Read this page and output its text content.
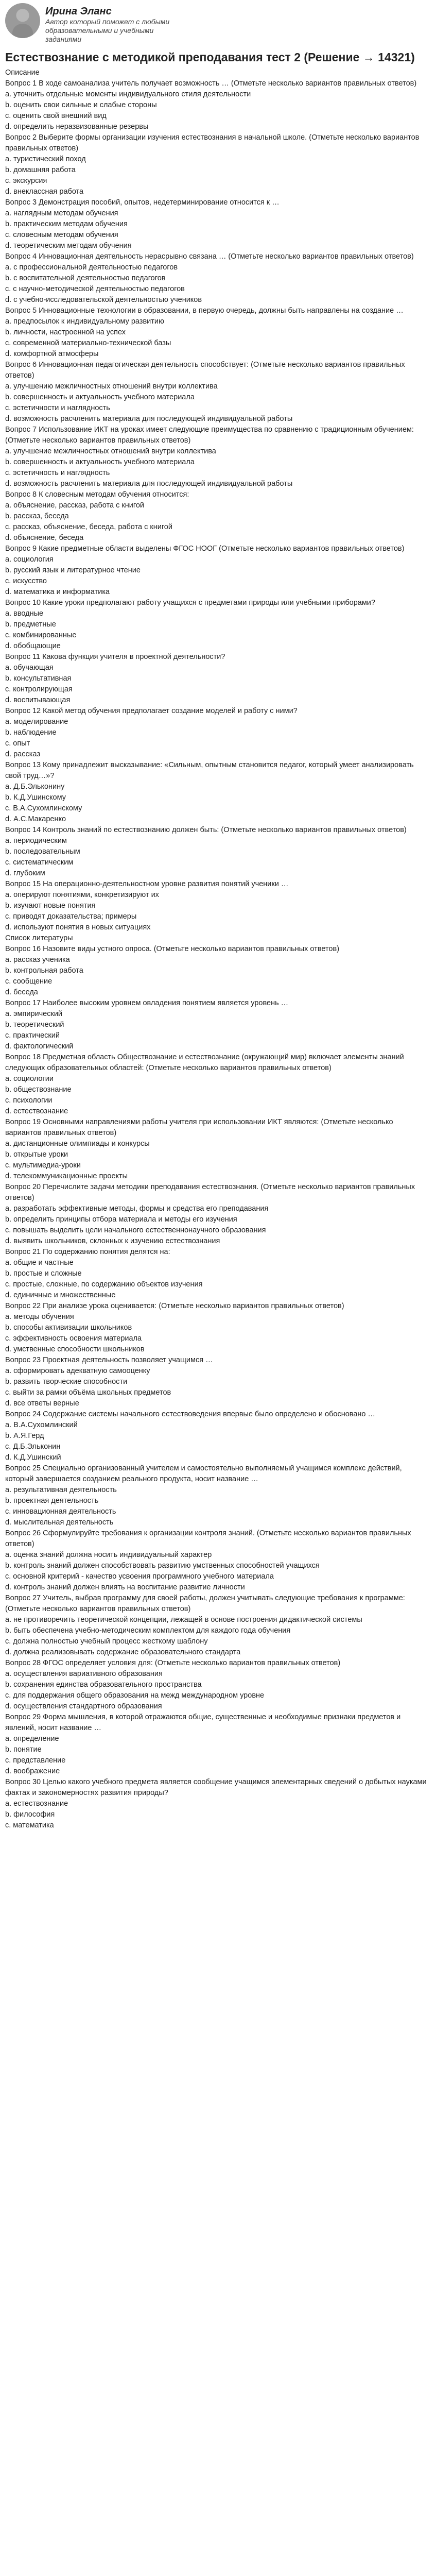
Ирина Эланс
Автор который поможет с любыми образовательными и учебными заданиями
Естествознание с методикой преподавания тест 2 (Решение → 14321)
Описание
Вопрос 1 В ходе самоанализа учитель получает возможность … (Отметьте несколько вариантов правильных ответов)
a. уточнить отдельные моменты индивидуального стиля деятельности
b. оценить свои сильные и слабые стороны
c. оценить свой внешний вид
d. определить неразвизованные резервы
Вопрос 2 Выберите формы организации изучения естествознания в начальной школе. (Отметьте несколько вариантов правильных ответов)
a. туристический поход
b. домашняя работа
c. экскурсия
d. внеклассная работа
Вопрос 3 Демонстрация пособий, опытов, недетерминирование относится к …
a. наглядным методам обучения
b. практическим методам обучения
c. словесным методам обучения
d. теоретическим методам обучения
Вопрос 4 Инновационная деятельность нерасрывно связана … (Отметьте несколько вариантов правильных ответов)
a. с профессиональной деятельностью педагогов
b. с воспитательной деятельностью педагогов
c. с научно-методической деятельностью педагогов
d. с учебно-исследовательской деятельностью учеников
Вопрос 5 Инновационные технологии в образовании, в первую очередь, должны быть направлены на создание …
a. предпосылок к индивидуальному развитию
b. личности, настроенной на успех
c. современной материально-технической базы
d. комфортной атмосферы
Вопрос 6 Инновационная педагогическая деятельность способствует: (Отметьте несколько вариантов правильных ответов)
a. улучшению межличностных отношений внутри коллектива
b. совершенность и актуальность учебного материала
c. эстетичности и наглядность
d. возможность расчленить материала для последующей индивидуальной работы
Вопрос 7 Использование ИКТ на уроках имеет следующие преимущества по сравнению с традиционным обучением: (Отметьте несколько вариантов правильных ответов)
a. улучшение межличностных отношений внутри коллектива
b. совершенность и актуальность учебного материала
c. эстетичность и наглядность
d. возможность расчленить материала для последующей индивидуальной работы
Вопрос 8 К словесным методам обучения относится:
a. объяснение, рассказ, работа с книгой
b. рассказ, беседа
c. рассказ, объяснение, беседа, работа с книгой
d. объяснение, беседа
Вопрос 9 Какие предметные области выделены ФГОС НООГ (Отметьте несколько вариантов правильных ответов)
a. социология
b. русский язык и литературное чтение
c. искусство
d. математика и информатика
Вопрос 10 Какие уроки предполагают работу учащихся с предметами природы или учебными приборами?
a. вводные
b. предметные
c. комбинированные
d. обобщающие
Вопрос 11 Какова функция учителя в проектной деятельности?
a. обучающая
b. консультативная
c. контролирующая
d. воспитывающая
Вопрос 12 Какой метод обучения предполагает создание моделей и работу с ними?
a. моделирование
b. наблюдение
c. опыт
d. рассказ
Вопрос 13 Кому принадлежит высказывание: «Сильным, опытным становится педагог, который умеет анализировать свой труд…»?
a. Д.Б.Эльконину
b. К.Д.Ушинскому
c. В.А.Сухомлинскому
d. А.С.Макаренко
Вопрос 14 Контроль знаний по естествознанию должен быть: (Отметьте несколько вариантов правильных ответов)
a. периодическим
b. последовательным
c. систематическим
d. глубоким
Вопрос 15 На операционно-деятельностном уровне развития понятий ученики …
a. оперируют понятиями, конкретизируют их
b. изучают новые понятия
c. приводят доказательства; примеры
d. используют понятия в новых ситуациях
Список литературы
Вопрос 16 Назовите виды устного опроса. (Отметьте несколько вариантов правильных ответов)
a. рассказ ученика
b. контрольная работа
c. сообщение
d. беседа
Вопрос 17 Наиболее высоким уровнем овладения понятием является уровень …
a. эмпирический
b. теоретический
c. практический
d. фактологический
Вопрос 18 Предметная область Обществознание и естествознание (окружающий мир) включает элементы знаний следующих образовательных областей: (Отметьте несколько вариантов правильных ответов)
a. социологии
b. обществознание
c. психологии
d. естествознание
Вопрос 19 Основными направлениями работы учителя при использовании ИКТ являются: (Отметьте несколько вариантов правильных ответов)
a. дистанционные олимпиады и конкурсы
b. открытые уроки
c. мультимедиа-уроки
d. телекоммуникационные проекты
Вопрос 20 Перечислите задачи методики преподавания естествознания. (Отметьте несколько вариантов правильных ответов)
a. разработать эффективные методы, формы и средства его преподавания
b. определить принципы отбора материала и методы его изучения
c. повышать выделить цели начального естественнонаучного образования
d. выявить школьников, склонных к изучению естествознания
Вопрос 21 По содержанию понятия делятся на:
a. общие и частные
b. простые и сложные
c. простые, сложные, по содержанию объектов изучения
d. единичные и множественные
Вопрос 22 При анализе урока оценивается: (Отметьте несколько вариантов правильных ответов)
a. методы обучения
b. способы активизации школьников
c. эффективность освоения материала
d. умственные способности школьников
Вопрос 23 Проектная деятельность позволяет учащимся …
a. сформировать адекватную самооценку
b. развить творческие способности
c. выйти за рамки объёма школьных предметов
d. все ответы верные
Вопрос 24 Содержание системы начального естествоведения впервые было определено и обосновано …
a. В.А.Сухомлинский
b. А.Я.Герд
c. Д.Б.Эльконин
d. К.Д.Ушинский
Вопрос 25 Специально организованный учителем и самостоятельно выполняемый учащимся комплекс действий, который завершается созданием реального продукта, носит название …
a. результативная деятельность
b. проектная деятельность
c. инновационная деятельность
d. мыслительная деятельность
Вопрос 26 Сформулируйте требования к организации контроля знаний. (Отметьте несколько вариантов правильных ответов)
a. оценка знаний должна носить индивидуальный характер
b. контроль знаний должен способствовать развитию умственных способностей учащихся
c. основной критерий - качество усвоения программного учебного материала
d. контроль знаний должен влиять на воспитание развитие личности
Вопрос 27 Учитель, выбрав программу для своей работы, должен учитывать следующие требования к программе: (Отметьте несколько вариантов правильных ответов)
a. не противоречить теоретической концепции, лежащей в основе построения дидактической системы
b. быть обеспечена учебно-методическим комплектом для каждого года обучения
c. должна полностью учебный процесс жесткому шаблону
d. должна реализовывать содержание образовательного стандарта
Вопрос 28 ФГОС определяет условия для: (Отметьте несколько вариантов правильных ответов)
a. осуществления вариативного образования
b. сохранения единства образовательного пространства
c. для поддержания общего образования на межд международном уровне
d. осуществления стандартного образования
Вопрос 29 Форма мышления, в которой отражаются общие, существенные и необходимые признаки предметов и явлений, носит название …
a. определение
b. понятие
c. представление
d. воображение
Вопрос 30 Целью какого учебного предмета является сообщение учащимся элементарных сведений о добытых науками фактах и закономерностях развития природы?
a. естествознание
b. философия
c. математика
